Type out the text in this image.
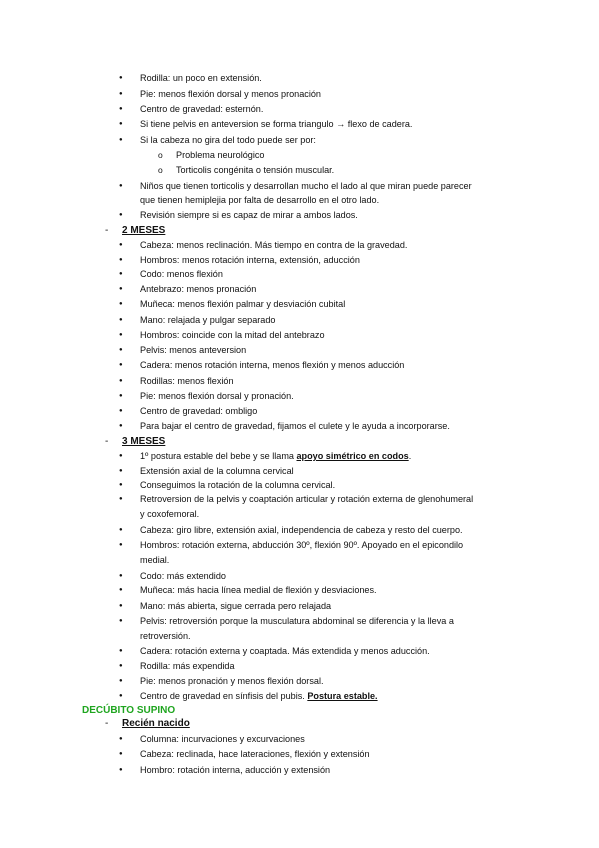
● Rodilla: un poco en extensión.
● Pie: menos flexión dorsal y menos pronación
● Centro de gravedad: esternón.
● Si tiene pelvis en anteversion se forma triangulo → flexo de cadera.
● Si la cabeza no gira del todo puede ser por:
o Problema neurológico
o Torticolis congénita o tensión muscular.
● Niños que tienen torticolis y desarrollan mucho el lado al que miran puede parecer
que tienen hemiplejia por falta de desarrollo en el otro lado.
● Revisión siempre si es capaz de mirar a ambos lados.
- 2 MESES
● Cabeza: menos reclinación. Más tiempo en contra de la gravedad.
● Hombros: menos rotación interna, extensión, aducción
● Codo: menos flexión
● Antebrazo: menos pronación
● Muñeca: menos flexión palmar y desviación cubital
● Mano: relajada y pulgar separado
● Hombros: coincide con la mitad del antebrazo
● Pelvis: menos anteversion
● Cadera: menos rotación interna, menos flexión y menos aducción
● Rodillas: menos flexión
● Pie: menos flexión dorsal y pronación.
● Centro de gravedad: ombligo
● Para bajar el centro de gravedad, fijamos el culete y le ayuda a incorporarse.
- 3 MESES
● 1º postura estable del bebe y se llama apoyo simétrico en codos.
● Extensión axial de la columna cervical
● Conseguimos la rotación de la columna cervical.
● Retroversion de la pelvis y coaptación articular y rotación externa de glenohumeral
y coxofemoral.
● Cabeza: giro libre, extensión axial, independencia de cabeza y resto del cuerpo.
● Hombros: rotación externa, abducción 30º, flexión 90º. Apoyado en el epicondilo
medial.
● Codo: más extendido
● Muñeca: más hacia línea medial de flexión y desviaciones.
● Mano: más abierta, sigue cerrada pero relajada
● Pelvis: retroversión porque la musculatura abdominal se diferencia y la lleva a
retroversión.
● Cadera: rotación externa y coaptada. Más extendida y menos aducción.
● Rodilla: más expendida
● Pie: menos pronación y menos flexión dorsal.
● Centro de gravedad en sínfisis del pubis. Postura estable.
DECÚBITO SUPINO
- Recién nacido
● Columna: incurvaciones y excurvaciones
● Cabeza: reclinada, hace lateraciones, flexión y extensión
● Hombro: rotación interna, aducción y extensión
